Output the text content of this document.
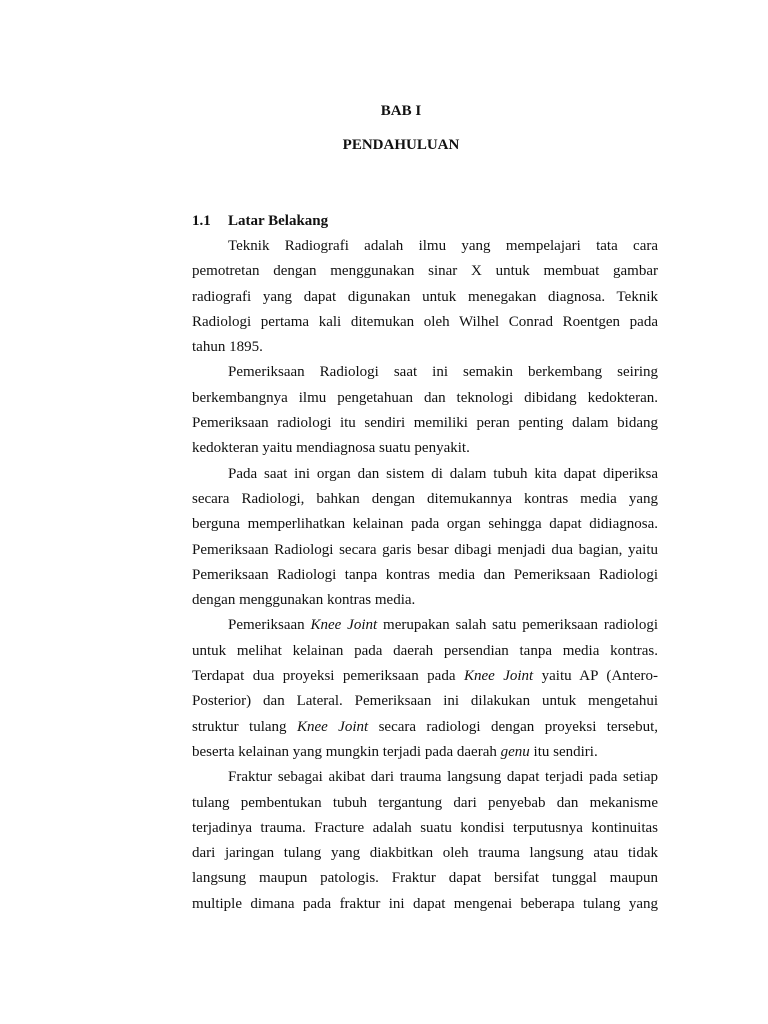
BAB I
PENDAHULUAN
1.1 Latar Belakang
Teknik Radiografi adalah ilmu yang mempelajari tata cara
pemotretan dengan menggunakan sinar X untuk membuat gambar
radiografi yang dapat digunakan untuk menegakan diagnosa. Teknik
Radiologi pertama kali ditemukan oleh Wilhel Conrad Roentgen pada
tahun 1895.
Pemeriksaan Radiologi saat ini semakin berkembang seiring
berkembangnya ilmu pengetahuan dan teknologi dibidang kedokteran.
Pemeriksaan radiologi itu sendiri memiliki peran penting dalam bidang
kedokteran yaitu mendiagnosa suatu penyakit.
Pada saat ini organ dan sistem di dalam tubuh kita dapat diperiksa
secara Radiologi, bahkan dengan ditemukannya kontras media yang
berguna memperlihatkan kelainan pada organ sehingga dapat didiagnosa.
Pemeriksaan Radiologi secara garis besar dibagi menjadi dua bagian, yaitu
Pemeriksaan Radiologi tanpa kontras media dan Pemeriksaan Radiologi
dengan menggunakan kontras media.
Pemeriksaan Knee Joint merupakan salah satu pemeriksaan radiologi
untuk melihat kelainan pada daerah persendian tanpa media kontras.
Terdapat dua proyeksi pemeriksaan pada Knee Joint yaitu AP (Antero-
Posterior) dan Lateral. Pemeriksaan ini dilakukan untuk mengetahui
struktur tulang Knee Joint secara radiologi dengan proyeksi tersebut,
beserta kelainan yang mungkin terjadi pada daerah genu itu sendiri.
Fraktur sebagai akibat dari trauma langsung dapat terjadi pada setiap
tulang pembentukan tubuh tergantung dari penyebab dan mekanisme
terjadinya trauma. Fracture adalah suatu kondisi terputusnya kontinuitas
dari jaringan tulang yang diakbitkan oleh trauma langsung atau tidak
langsung maupun patologis. Fraktur dapat bersifat tunggal maupun
multiple dimana pada fraktur ini dapat mengenai beberapa tulang yang
